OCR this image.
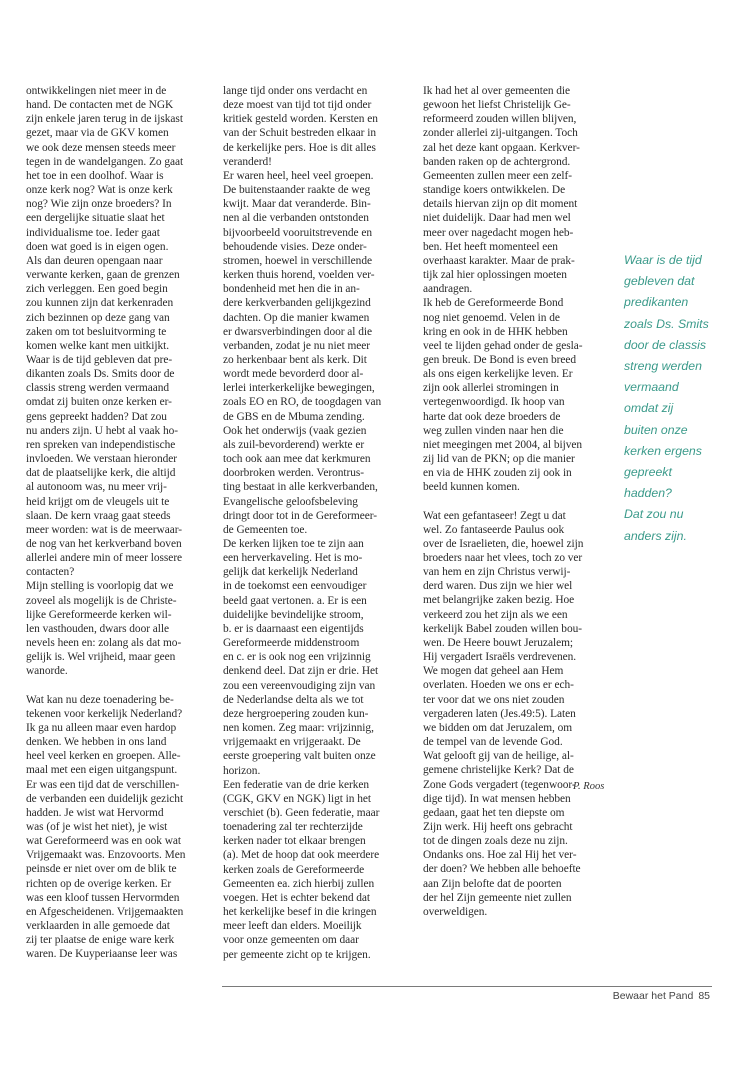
ontwikkelingen niet meer in de
hand. De contacten met de NGK
zijn enkele jaren terug in de ijskast
gezet, maar via de GKV komen
we ook deze mensen steeds meer
tegen in de wandelgangen. Zo gaat
het toe in een doolhof. Waar is
onze kerk nog? Wat is onze kerk
nog? Wie zijn onze broeders? In
een dergelijke situatie slaat het
individualisme toe. Ieder gaat
doen wat goed is in eigen ogen.
Als dan deuren opengaan naar
verwante kerken, gaan de grenzen
zich verleggen. Een goed begin
zou kunnen zijn dat kerkenraden
zich bezinnen op deze gang van
zaken om tot besluitvorming te
komen welke kant men uitkijkt.
Waar is de tijd gebleven dat pre-
dikanten zoals Ds. Smits door de
classis streng werden vermaand
omdat zij buiten onze kerken er-
gens gepreekt hadden? Dat zou
nu anders zijn. U hebt al vaak ho-
ren spreken van independistische
invloeden. We verstaan hieronder
dat de plaatselijke kerk, die altijd
al autonoom was, nu meer vrij-
heid krijgt om de vleugels uit te
slaan. De kern vraag gaat steeds
meer worden: wat is de meerwaar-
de nog van het kerkverband boven
allerlei andere min of meer lossere
contacten?
Mijn stelling is voorlopig dat we
zoveel als mogelijk is de Christe-
lijke Gereformeerde kerken wil-
len vasthouden, dwars door alle
nevels heen en: zolang als dat mo-
gelijk is. Wel vrijheid, maar geen
wanorde.

Wat kan nu deze toenadering be-
tekenen voor kerkelijk Nederland?
Ik ga nu alleen maar even hardop
denken. We hebben in ons land
heel veel kerken en groepen. Alle-
maal met een eigen uitgangspunt.
Er was een tijd dat de verschillen-
de verbanden een duidelijk gezicht
hadden. Je wist wat Hervormd
was (of je wist het niet), je wist
wat Gereformeerd was en ook wat
Vrijgemaakt was. Enzovoorts. Men
peinsde er niet over om de blik te
richten op de overige kerken. Er
was een kloof tussen Hervormden
en Afgescheidenen. Vrijgemaakten
verklaarden in alle gemoede dat
zij ter plaatse de enige ware kerk
waren. De Kuyperiaanse leer was

lange tijd onder ons verdacht en
deze moest van tijd tot tijd onder
kritiek gesteld worden. Kersten en
van der Schuit bestreden elkaar in
de kerkelijke pers. Hoe is dit alles
veranderd!
Er waren heel, heel veel groepen.
De buitenstaander raakte de weg
kwijt. Maar dat veranderde. Bin-
nen al die verbanden ontstonden
bijvoorbeeld vooruitstrevende en
behoudende visies. Deze onder-
stromen, hoewel in verschillende
kerken thuis horend, voelden ver-
bondenheid met hen die in an-
dere kerkverbanden gelijkgezind
dachten. Op die manier kwamen
er dwarsverbindingen door al die
verbanden, zodat je nu niet meer
zo herkenbaar bent als kerk. Dit
wordt mede bevorderd door al-
lerlei interkerkelijke bewegingen,
zoals EO en RO, de toogdagen van
de GBS en de Mbuma zending.
Ook het onderwijs (vaak gezien
als zuil-bevorderend) werkte er
toch ook aan mee dat kerkmuren
doorbroken werden. Verontrus-
ting bestaat in alle kerkverbanden,
Evangelische geloofsbeleving
dringt door tot in de Gereformeer-
de Gemeenten toe.
De kerken lijken toe te zijn aan
een herverkaveling. Het is mo-
gelijk dat kerkelijk Nederland
in de toekomst een eenvoudiger
beeld gaat vertonen. a. Er is een
duidelijke bevindelijke stroom,
b. er is daarnaast een eigentijds
Gereformeerde middenstroom
en c. er is ook nog een vrijzinnig
denkend deel. Dat zijn er drie. Het
zou een vereenvoudiging zijn van
de Nederlandse delta als we tot
deze hergroepering zouden kun-
nen komen. Zeg maar: vrijzinnig,
vrijgemaakt en vrijgeraakt. De
eerste groepering valt buiten onze
horizon.
Een federatie van de drie kerken
(CGK, GKV en NGK) ligt in het
verschiet (b). Geen federatie, maar
toenadering zal ter rechterzijde
kerken nader tot elkaar brengen
(a). Met de hoop dat ook meerdere
kerken zoals de Gereformeerde
Gemeenten ea. zich hierbij zullen
voegen. Het is echter bekend dat
het kerkelijke besef in die kringen
meer leeft dan elders. Moeilijk
voor onze gemeenten om daar
per gemeente zicht op te krijgen.

Ik had het al over gemeenten die
gewoon het liefst Christelijk Ge-
reformeerd zouden willen blijven,
zonder allerlei zij-uitgangen. Toch
zal het deze kant opgaan. Kerkver-
banden raken op de achtergrond.
Gemeenten zullen meer een zelf-
standige koers ontwikkelen. De
details hiervan zijn op dit moment
niet duidelijk. Daar had men wel
meer over nagedacht mogen heb-
ben. Het heeft momenteel een
overhaast karakter. Maar de prak-
tijk zal hier oplossingen moeten
aandragen.
Ik heb de Gereformeerde Bond
nog niet genoemd. Velen in de
kring en ook in de HHK hebben
veel te lijden gehad onder de gesla-
gen breuk. De Bond is even breed
als ons eigen kerkelijke leven. Er
zijn ook allerlei stromingen in
vertegenwoordigd. Ik hoop van
harte dat ook deze broeders de
weg zullen vinden naar hen die
niet meegingen met 2004, al bijven
zij lid van de PKN; op die manier
en via de HHK zouden zij ook in
beeld kunnen komen.

Wat een gefantaseer! Zegt u dat
wel. Zo fantaseerde Paulus ook
over de Israelieten, die, hoewel zijn
broeders naar het vlees, toch zo ver
van hem en zijn Christus verwij-
derd waren. Dus zijn we hier wel
met belangrijke zaken bezig. Hoe
verkeerd zou het zijn als we een
kerkelijk Babel zouden willen bou-
wen. De Heere bouwt Jeruzalem;
Hij vergadert Israëls verdrevenen.
We mogen dat geheel aan Hem
overlaten. Hoeden we ons er ech-
ter voor dat we ons niet zouden
vergaderen laten (Jes.49:5). Laten
we bidden om dat Jeruzalem, om
de tempel van de levende God.
Wat gelooft gij van de heilige, al-
gemene christelijke Kerk? Dat de
Zone Gods vergadert (tegenwoor-
dige tijd). In wat mensen hebben
gedaan, gaat het ten diepste om
Zijn werk. Hij heeft ons gebracht
tot de dingen zoals deze nu zijn.
Ondanks ons. Hoe zal Hij het ver-
der doen? We hebben alle behoefte
aan Zijn belofte dat de poorten
der hel Zijn gemeente niet zullen
overweldigen.

P. Roos
Waar is de tijd
gebleven dat
predikanten
zoals Ds. Smits
door de classis
streng werden
vermaand
omdat zij
buiten onze
kerken ergens
gepreekt
hadden?
Dat zou nu
anders zijn.
Bewaar het Pand 85
